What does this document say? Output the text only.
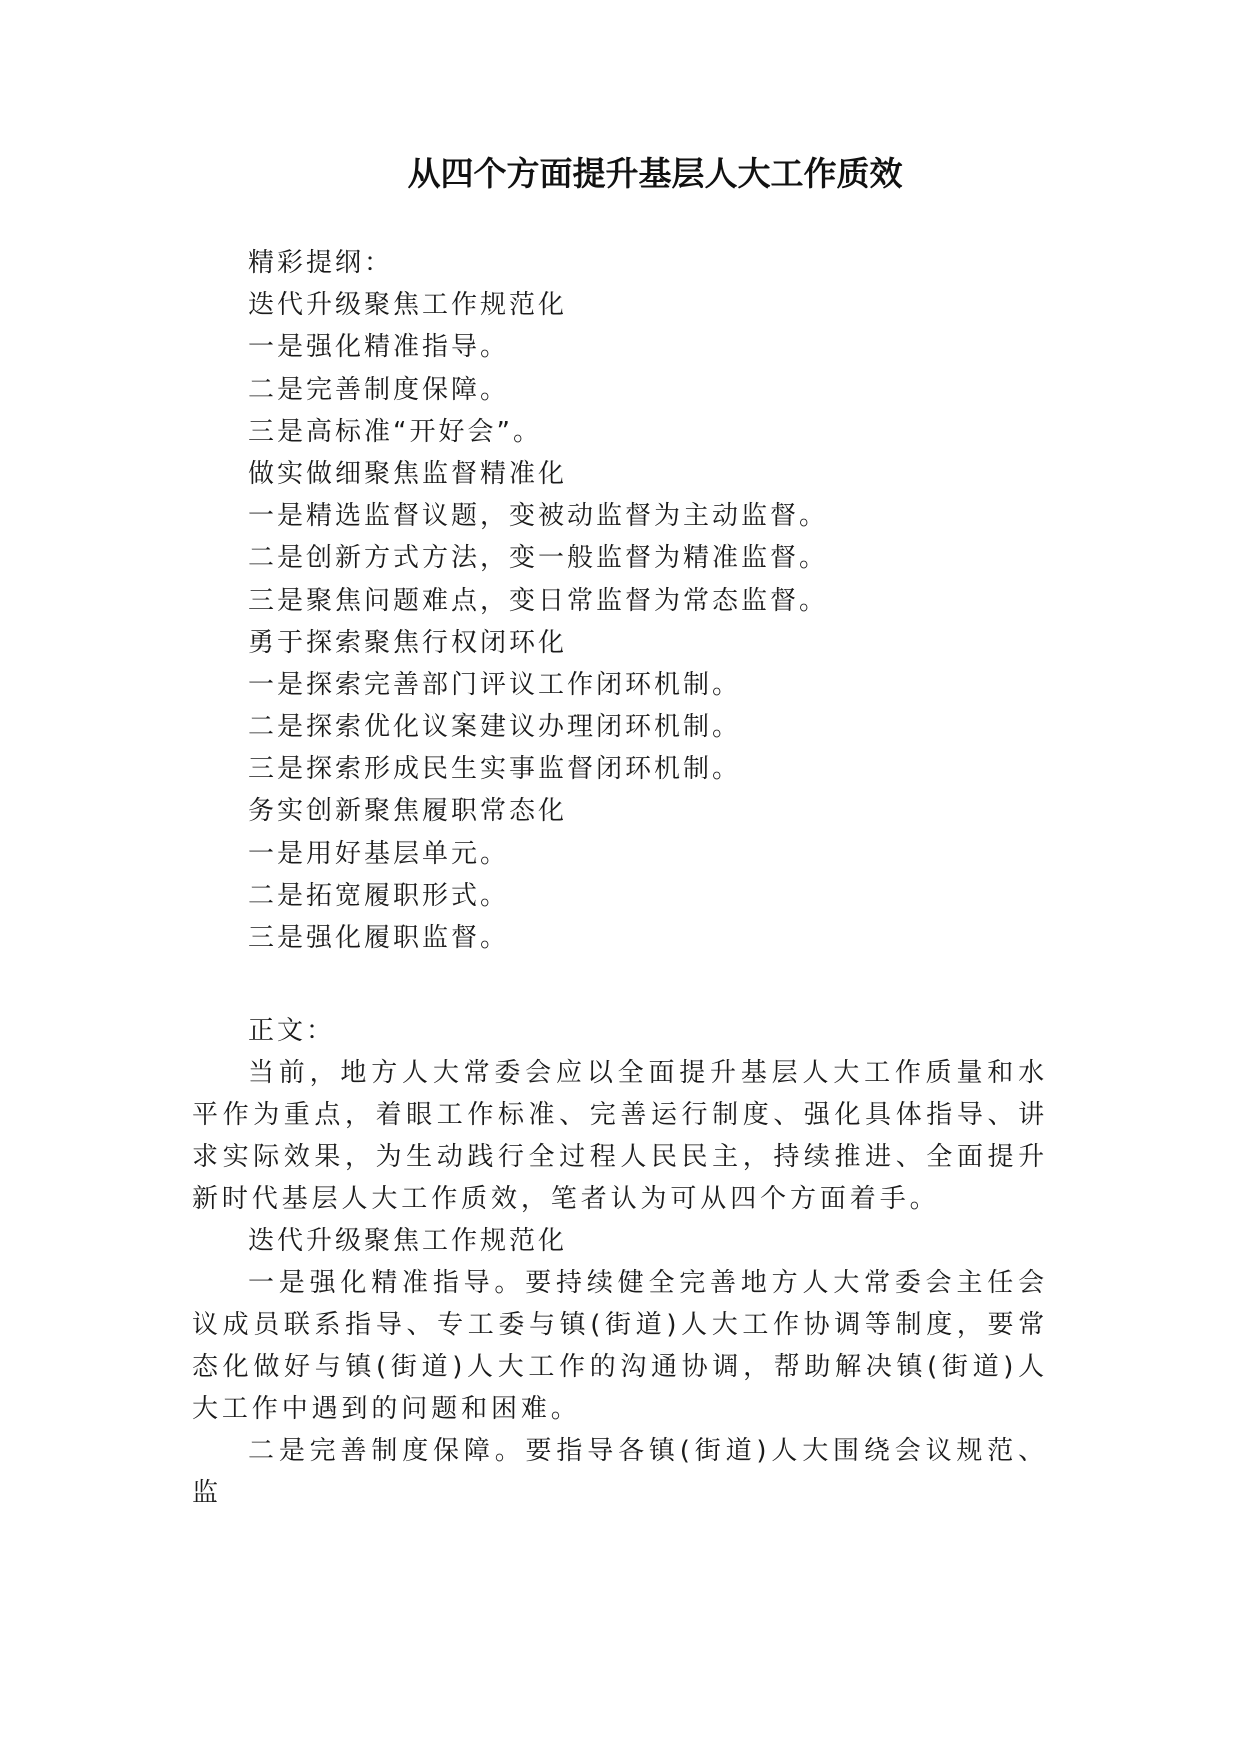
从四个方面提升基层人大工作质效
精彩提纲：
迭代升级聚焦工作规范化
一是强化精准指导。
二是完善制度保障。
三是高标准“开好会”。
做实做细聚焦监督精准化
一是精选监督议题，变被动监督为主动监督。
二是创新方式方法，变一般监督为精准监督。
三是聚焦问题难点，变日常监督为常态监督。
勇于探索聚焦行权闭环化
一是探索完善部门评议工作闭环机制。
二是探索优化议案建议办理闭环机制。
三是探索形成民生实事监督闭环机制。
务实创新聚焦履职常态化
一是用好基层单元。
二是拓宽履职形式。
三是强化履职监督。
正文：

当前，地方人大常委会应以全面提升基层人大工作质量和水平作为重点，着眼工作标准、完善运行制度、强化具体指导、讲求实际效果，为生动践行全过程人民民主，持续推进、全面提升新时代基层人大工作质效，笔者认为可从四个方面着手。

迭代升级聚焦工作规范化

一是强化精准指导。要持续健全完善地方人大常委会主任会议成员联系指导、专工委与镇(街道)人大工作协调等制度，要常态化做好与镇(街道)人大工作的沟通协调，帮助解决镇(街道)人大工作中遇到的问题和困难。

二是完善制度保障。要指导各镇(街道)人大围绕会议规范、监
